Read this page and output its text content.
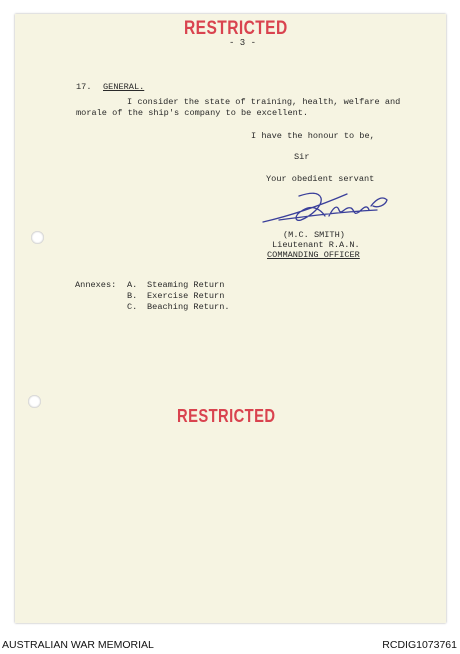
RESTRICTED
- 3 -
17. GENERAL.
I consider the state of training, health, welfare and
morale of the ship's company to be excellent.
I have the honour to be,
Sir
Your obedient servant
(M.C. SMITH)
Lieutenant R.A.N.
COMMANDING OFFICER
Annexes: A. Steaming Return
B. Exercise Return
C. Beaching Return.
RESTRICTED
AUSTRALIAN WAR MEMORIAL	RCDIG1073761
